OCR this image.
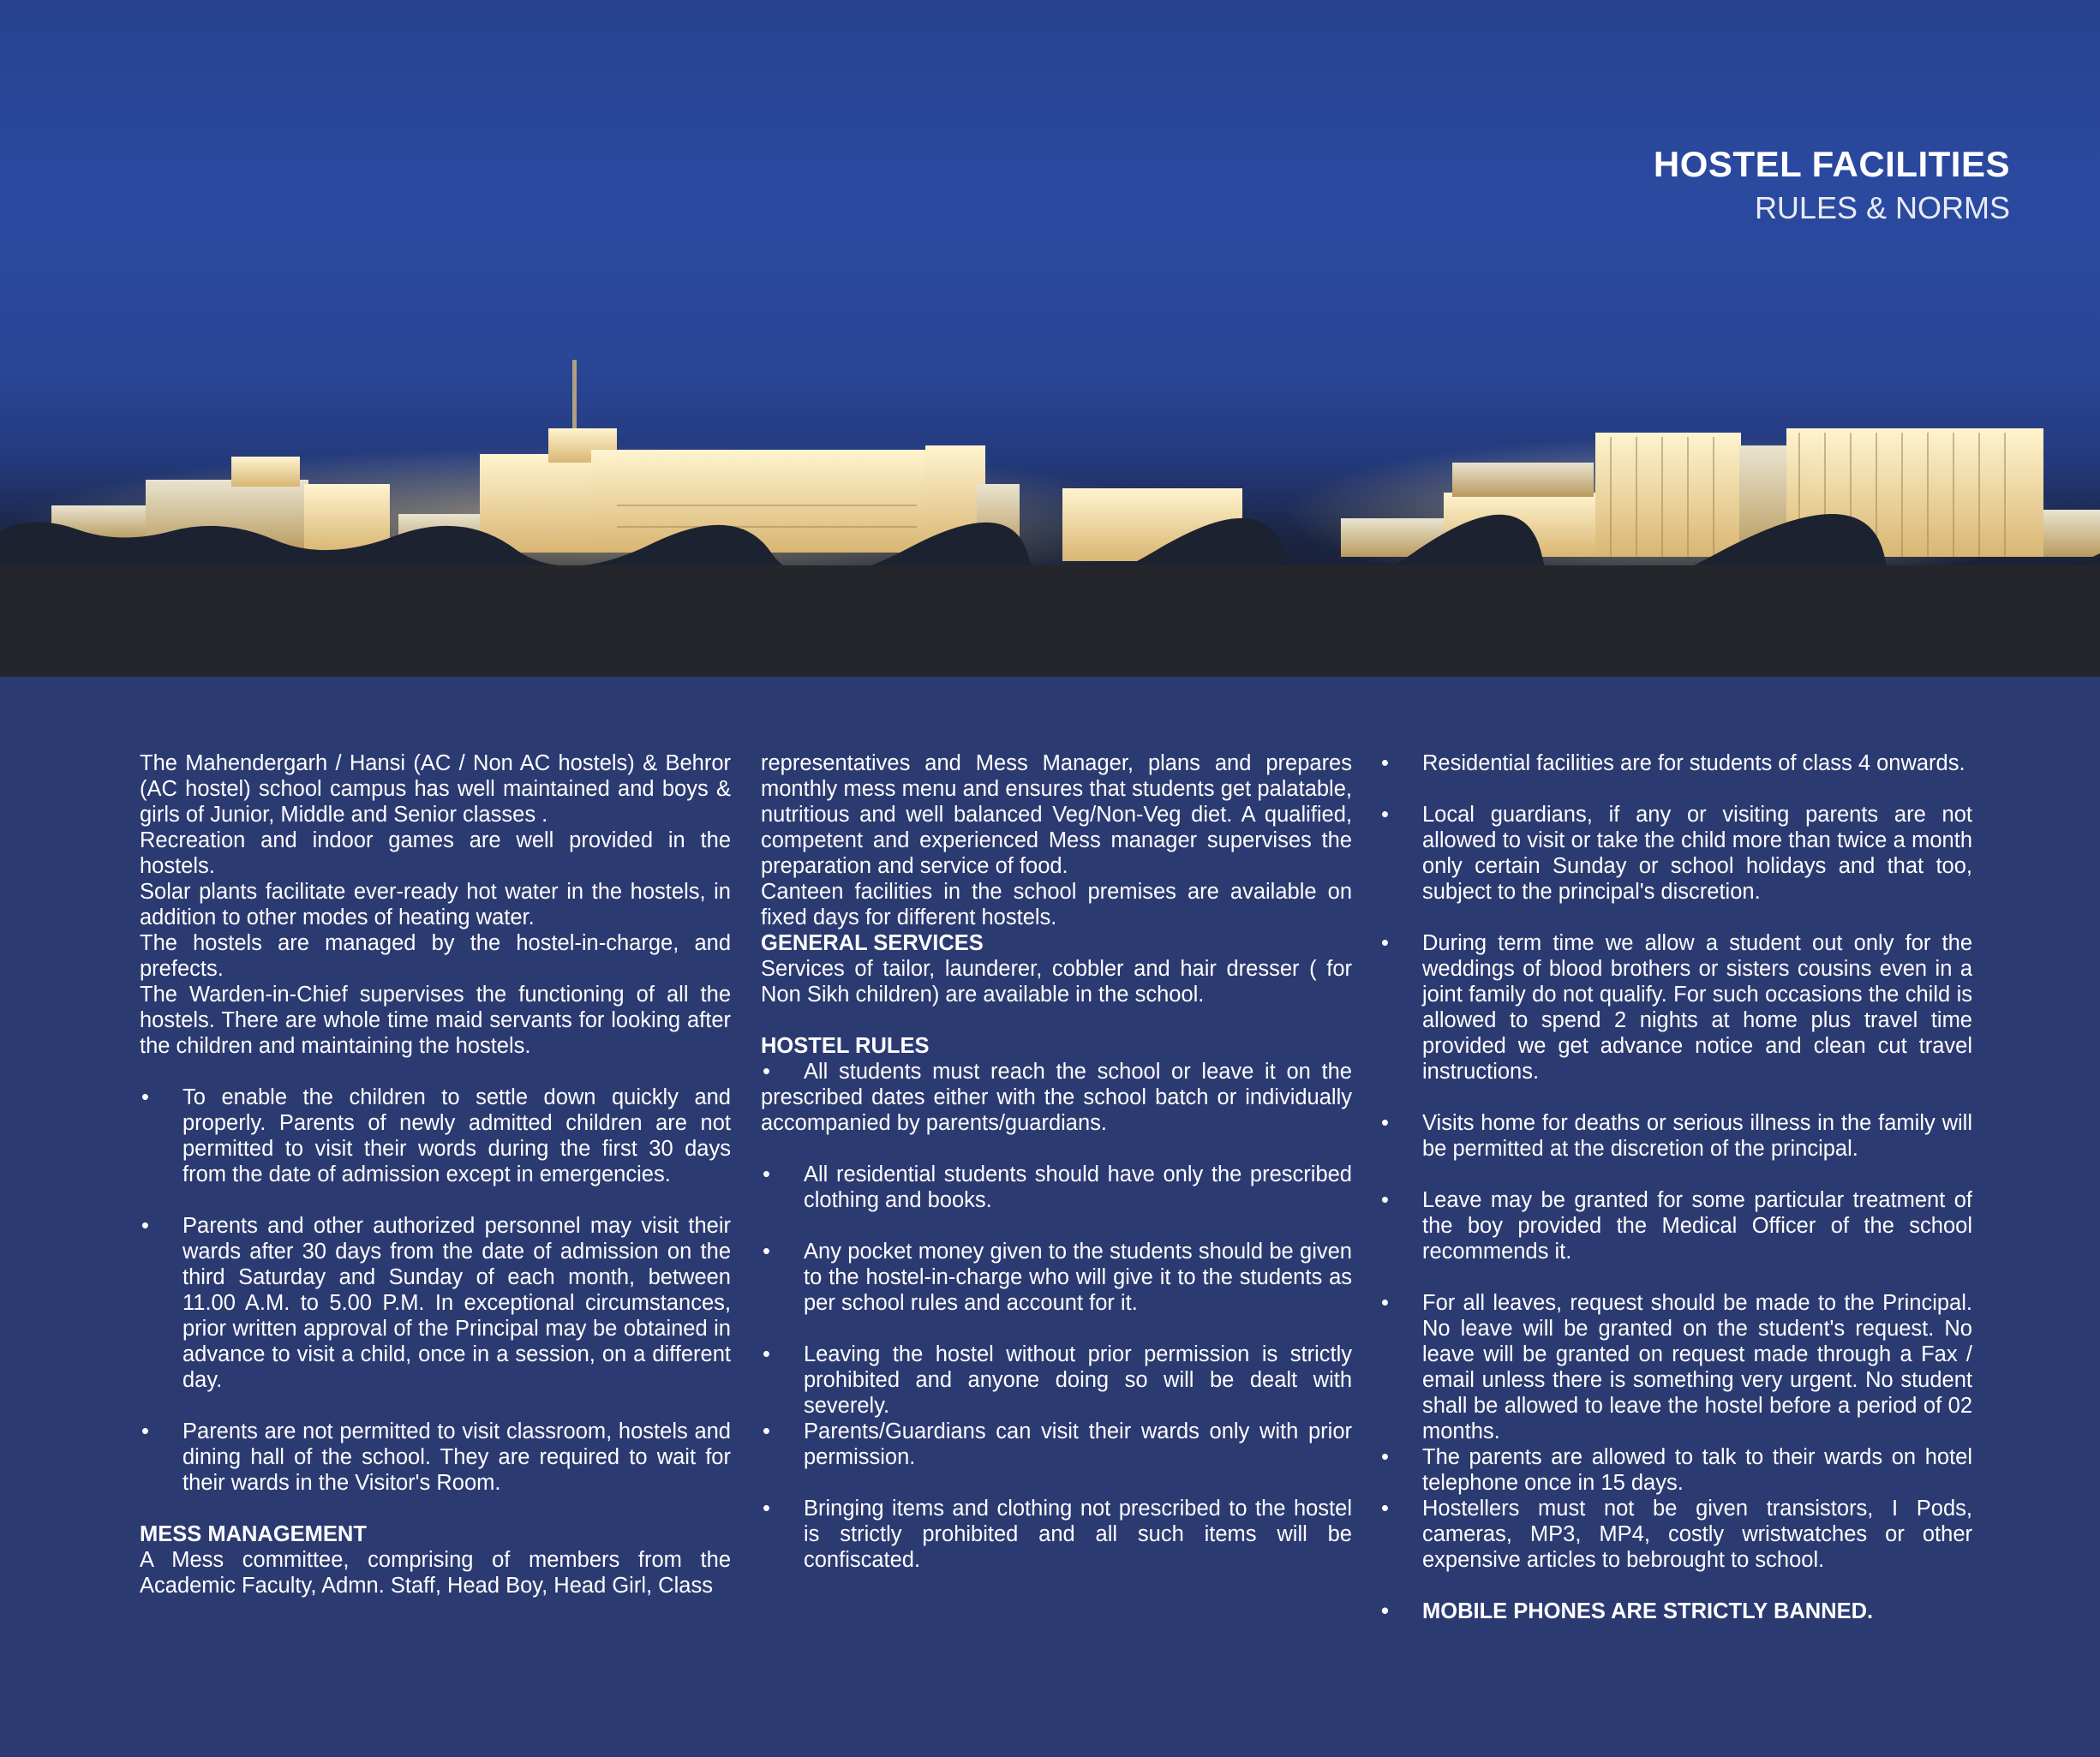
HOSTEL FACILITIES
RULES & NORMS

The Mahendergarh / Hansi (AC / Non AC hostels) & Behror (AC hostel) school campus has well maintained and boys & girls of Junior, Middle and Senior classes .

Recreation and indoor games are well provided in the hostels.

Solar plants facilitate ever-ready hot water in the hostels, in addition to other modes of heating water.

The hostels are managed by the hostel-in-charge, and prefects.

The Warden-in-Chief supervises the functioning of all the hostels. There are whole time maid servants for looking after the children and maintaining the hostels.

• To enable the children to settle down quickly and properly. Parents of newly admitted children are not permitted to visit their words during the first 30 days from the date of admission except in emergencies.

• Parents and other authorized personnel may visit their wards after 30 days from the date of admission on the third Saturday and Sunday of each month, between 11.00 A.M. to 5.00 P.M. In exceptional circumstances, prior written approval of the Principal may be obtained in advance to visit a child, once in a session, on a different day.

• Parents are not permitted to visit classroom, hostels and dining hall of the school. They are required to wait for their wards in the Visitor's Room.

MESS MANAGEMENT

A Mess committee, comprising of members from the Academic Faculty, Admn. Staff, Head Boy, Head Girl, Class

representatives and Mess Manager, plans and prepares monthly mess menu and ensures that students get palatable, nutritious and well balanced Veg/Non-Veg diet. A qualified, competent and experienced Mess manager supervises the preparation and service of food.

Canteen facilities in the school premises are available on fixed days for different hostels.

GENERAL SERVICES

Services of tailor, launderer, cobbler and hair dresser ( for Non Sikh children) are available in the school.

HOSTEL RULES

• All students must reach the school or leave it on the prescribed dates either with the school batch or individually accompanied by parents/guardians.

• All residential students should have only the prescribed clothing and books.

• Any pocket money given to the students should be given to the hostel-in-charge who will give it to the students as per school rules and account for it.

• Leaving the hostel without prior permission is strictly prohibited and anyone doing so will be dealt with severely.

• Parents/Guardians can visit their wards only with prior permission.

• Bringing items and clothing not prescribed to the hostel is strictly prohibited and all such items will be confiscated.

• Residential facilities are for students of class 4 onwards.

• Local guardians, if any or visiting parents are not allowed to visit or take the child more than twice a month only certain Sunday or school holidays and that too, subject to the principal's discretion.

• During term time we allow a student out only for the weddings of blood brothers or sisters cousins even in a joint family do not qualify. For such occasions the child is allowed to spend 2 nights at home plus travel time provided we get advance notice and clean cut travel instructions.

• Visits home for deaths or serious illness in the family will be permitted at the discretion of the principal.

• Leave may be granted for some particular treatment of the boy provided the Medical Officer of the school recommends it.

• For all leaves, request should be made to the Principal. No leave will be granted on the student's request. No leave will be granted on request made through a Fax / email unless there is something very urgent. No student shall be allowed to leave the hostel before a period of 02 months.

• The parents are allowed to talk to their wards on hotel telephone once in 15 days.

• Hostellers must not be given transistors, I Pods, cameras, MP3, MP4, costly wristwatches or other expensive articles to bebrought to school.

• MOBILE PHONES ARE STRICTLY BANNED.
